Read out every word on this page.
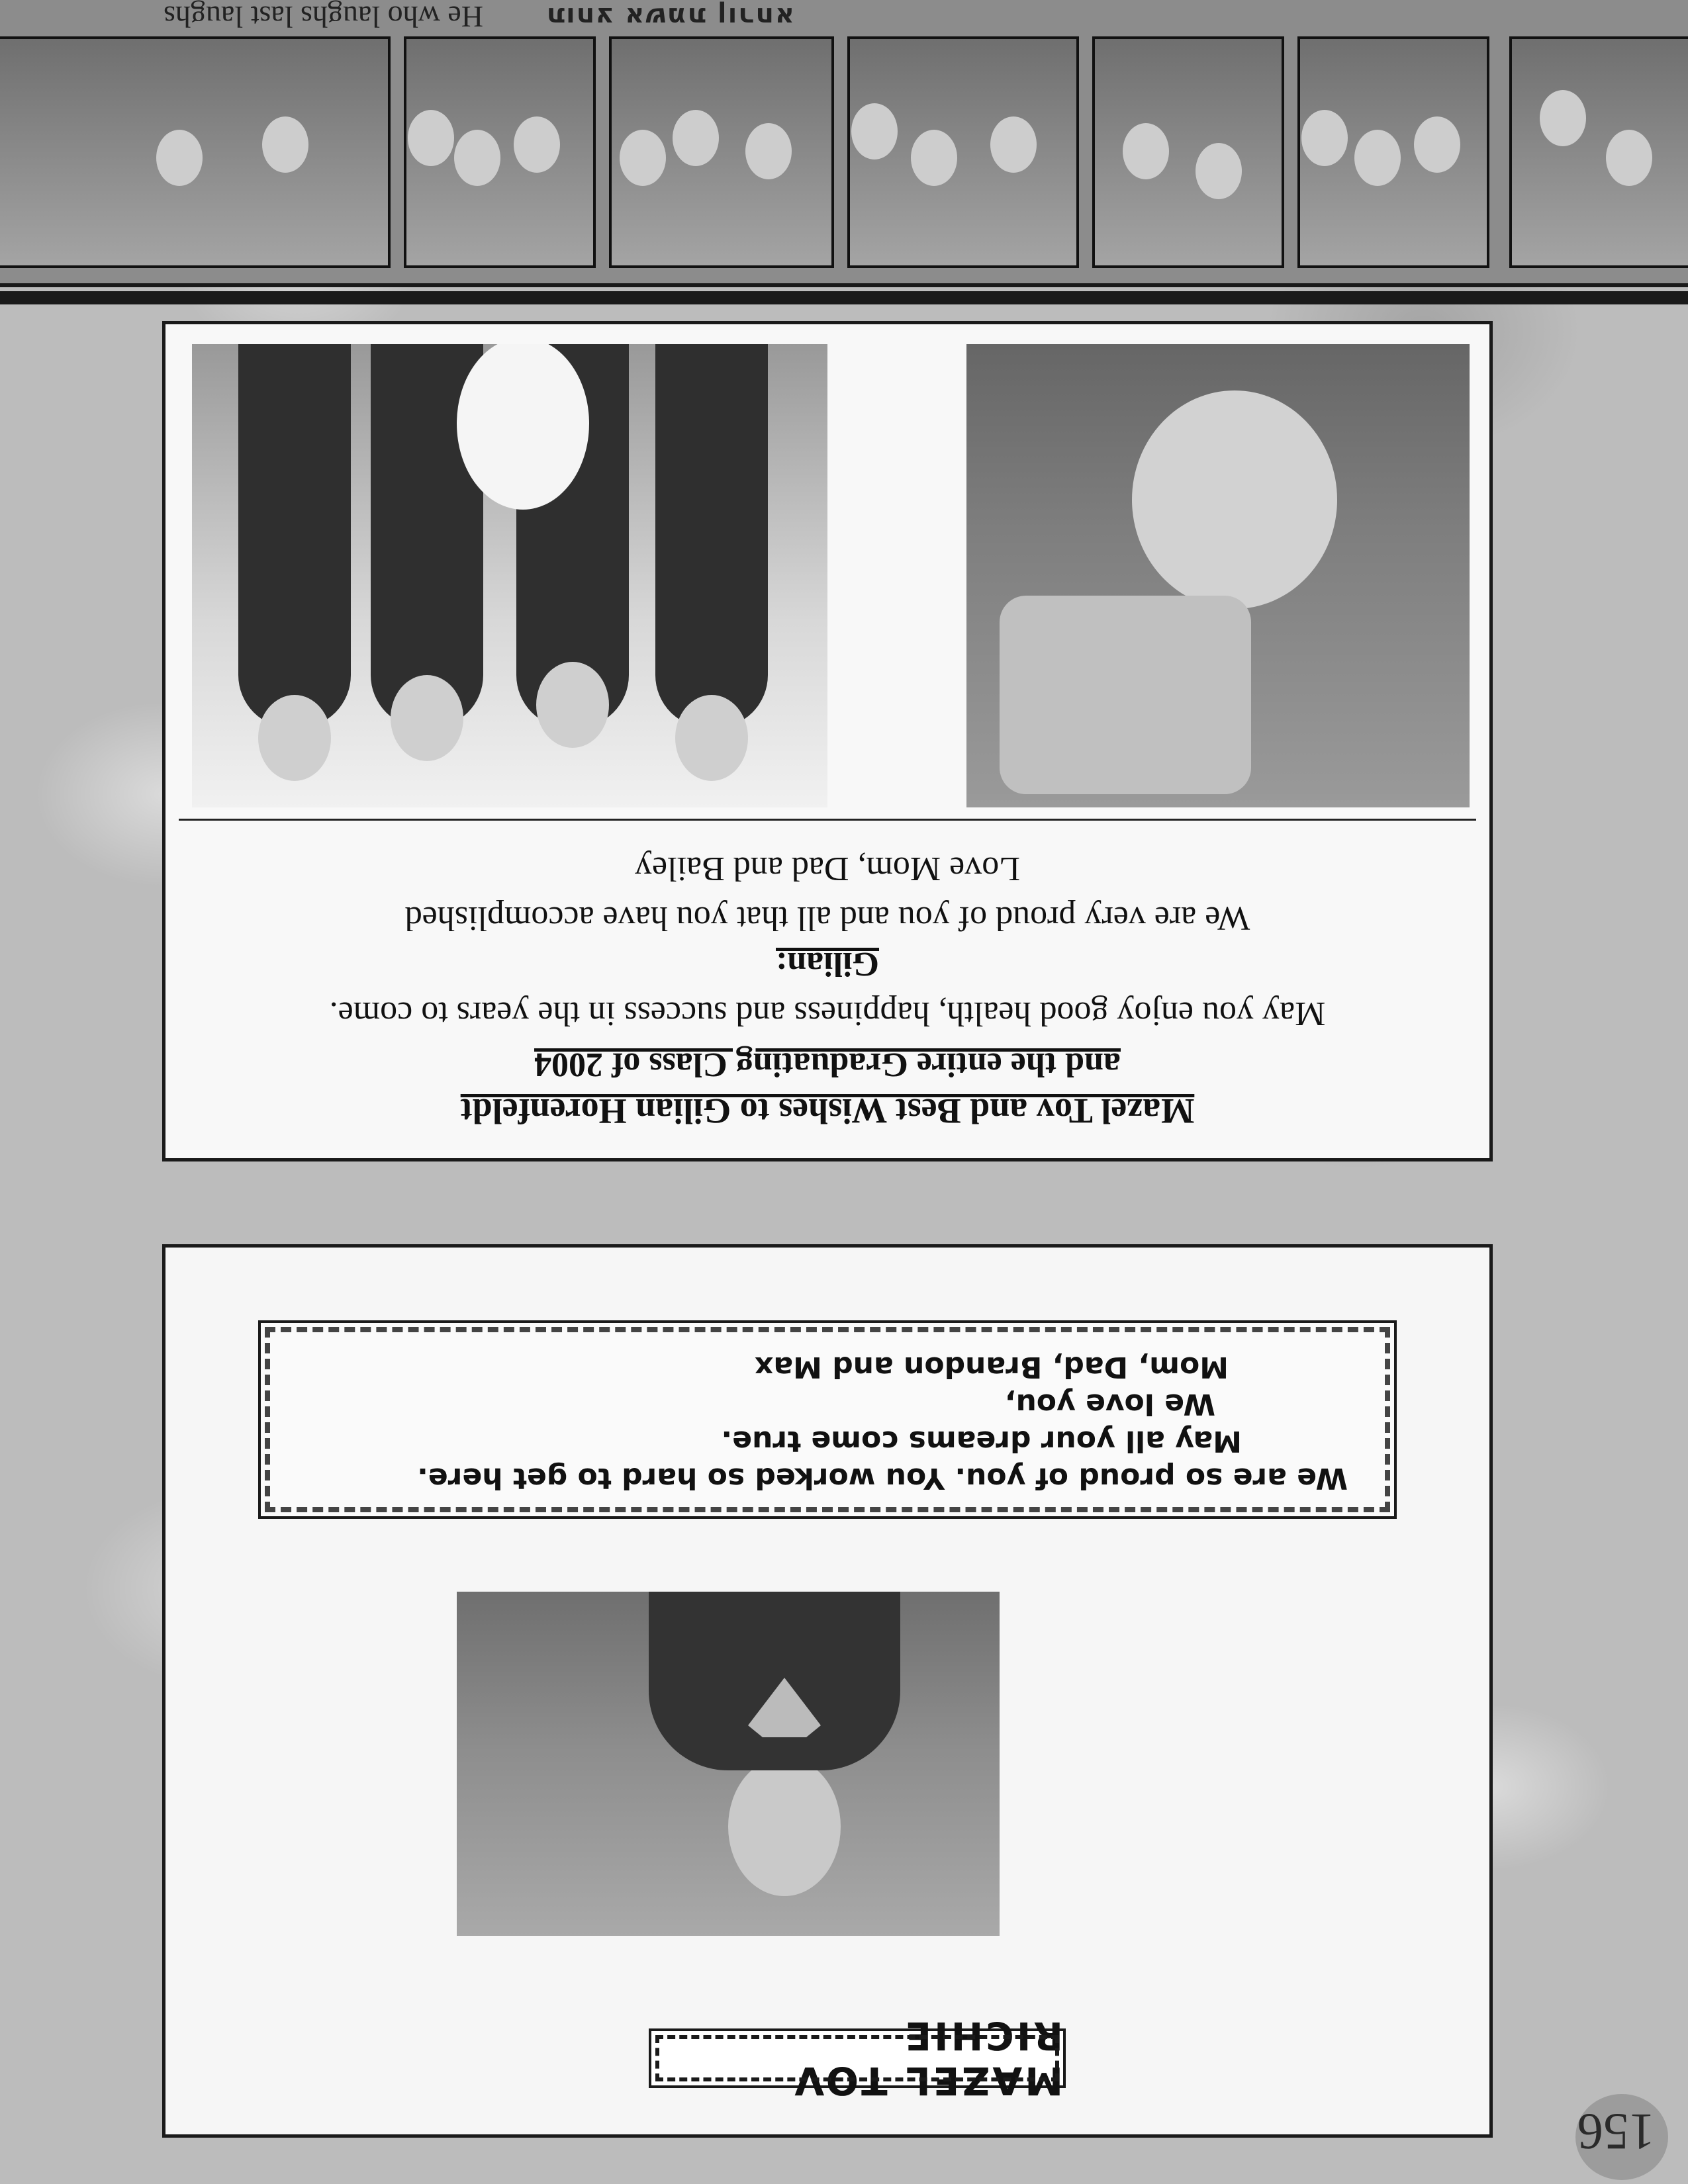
156
MAZEL TOV RICHIE
We are so proud of you. You worked so hard to get here.
May all your dreams come true.
We love you,
Mom, Dad, Brandon and Max
Mazel Tov and Best Wishes to Gilian Horenfeldt
and the entire Graduating Class of 2004
May you enjoy good health, happiness and success in the years to come.
Gilian:
We are very proud of you and all that you have accomplished
Love Mom, Dad and Bailey
תוחצ אשמת ןורחא
He who laughs last laughs
